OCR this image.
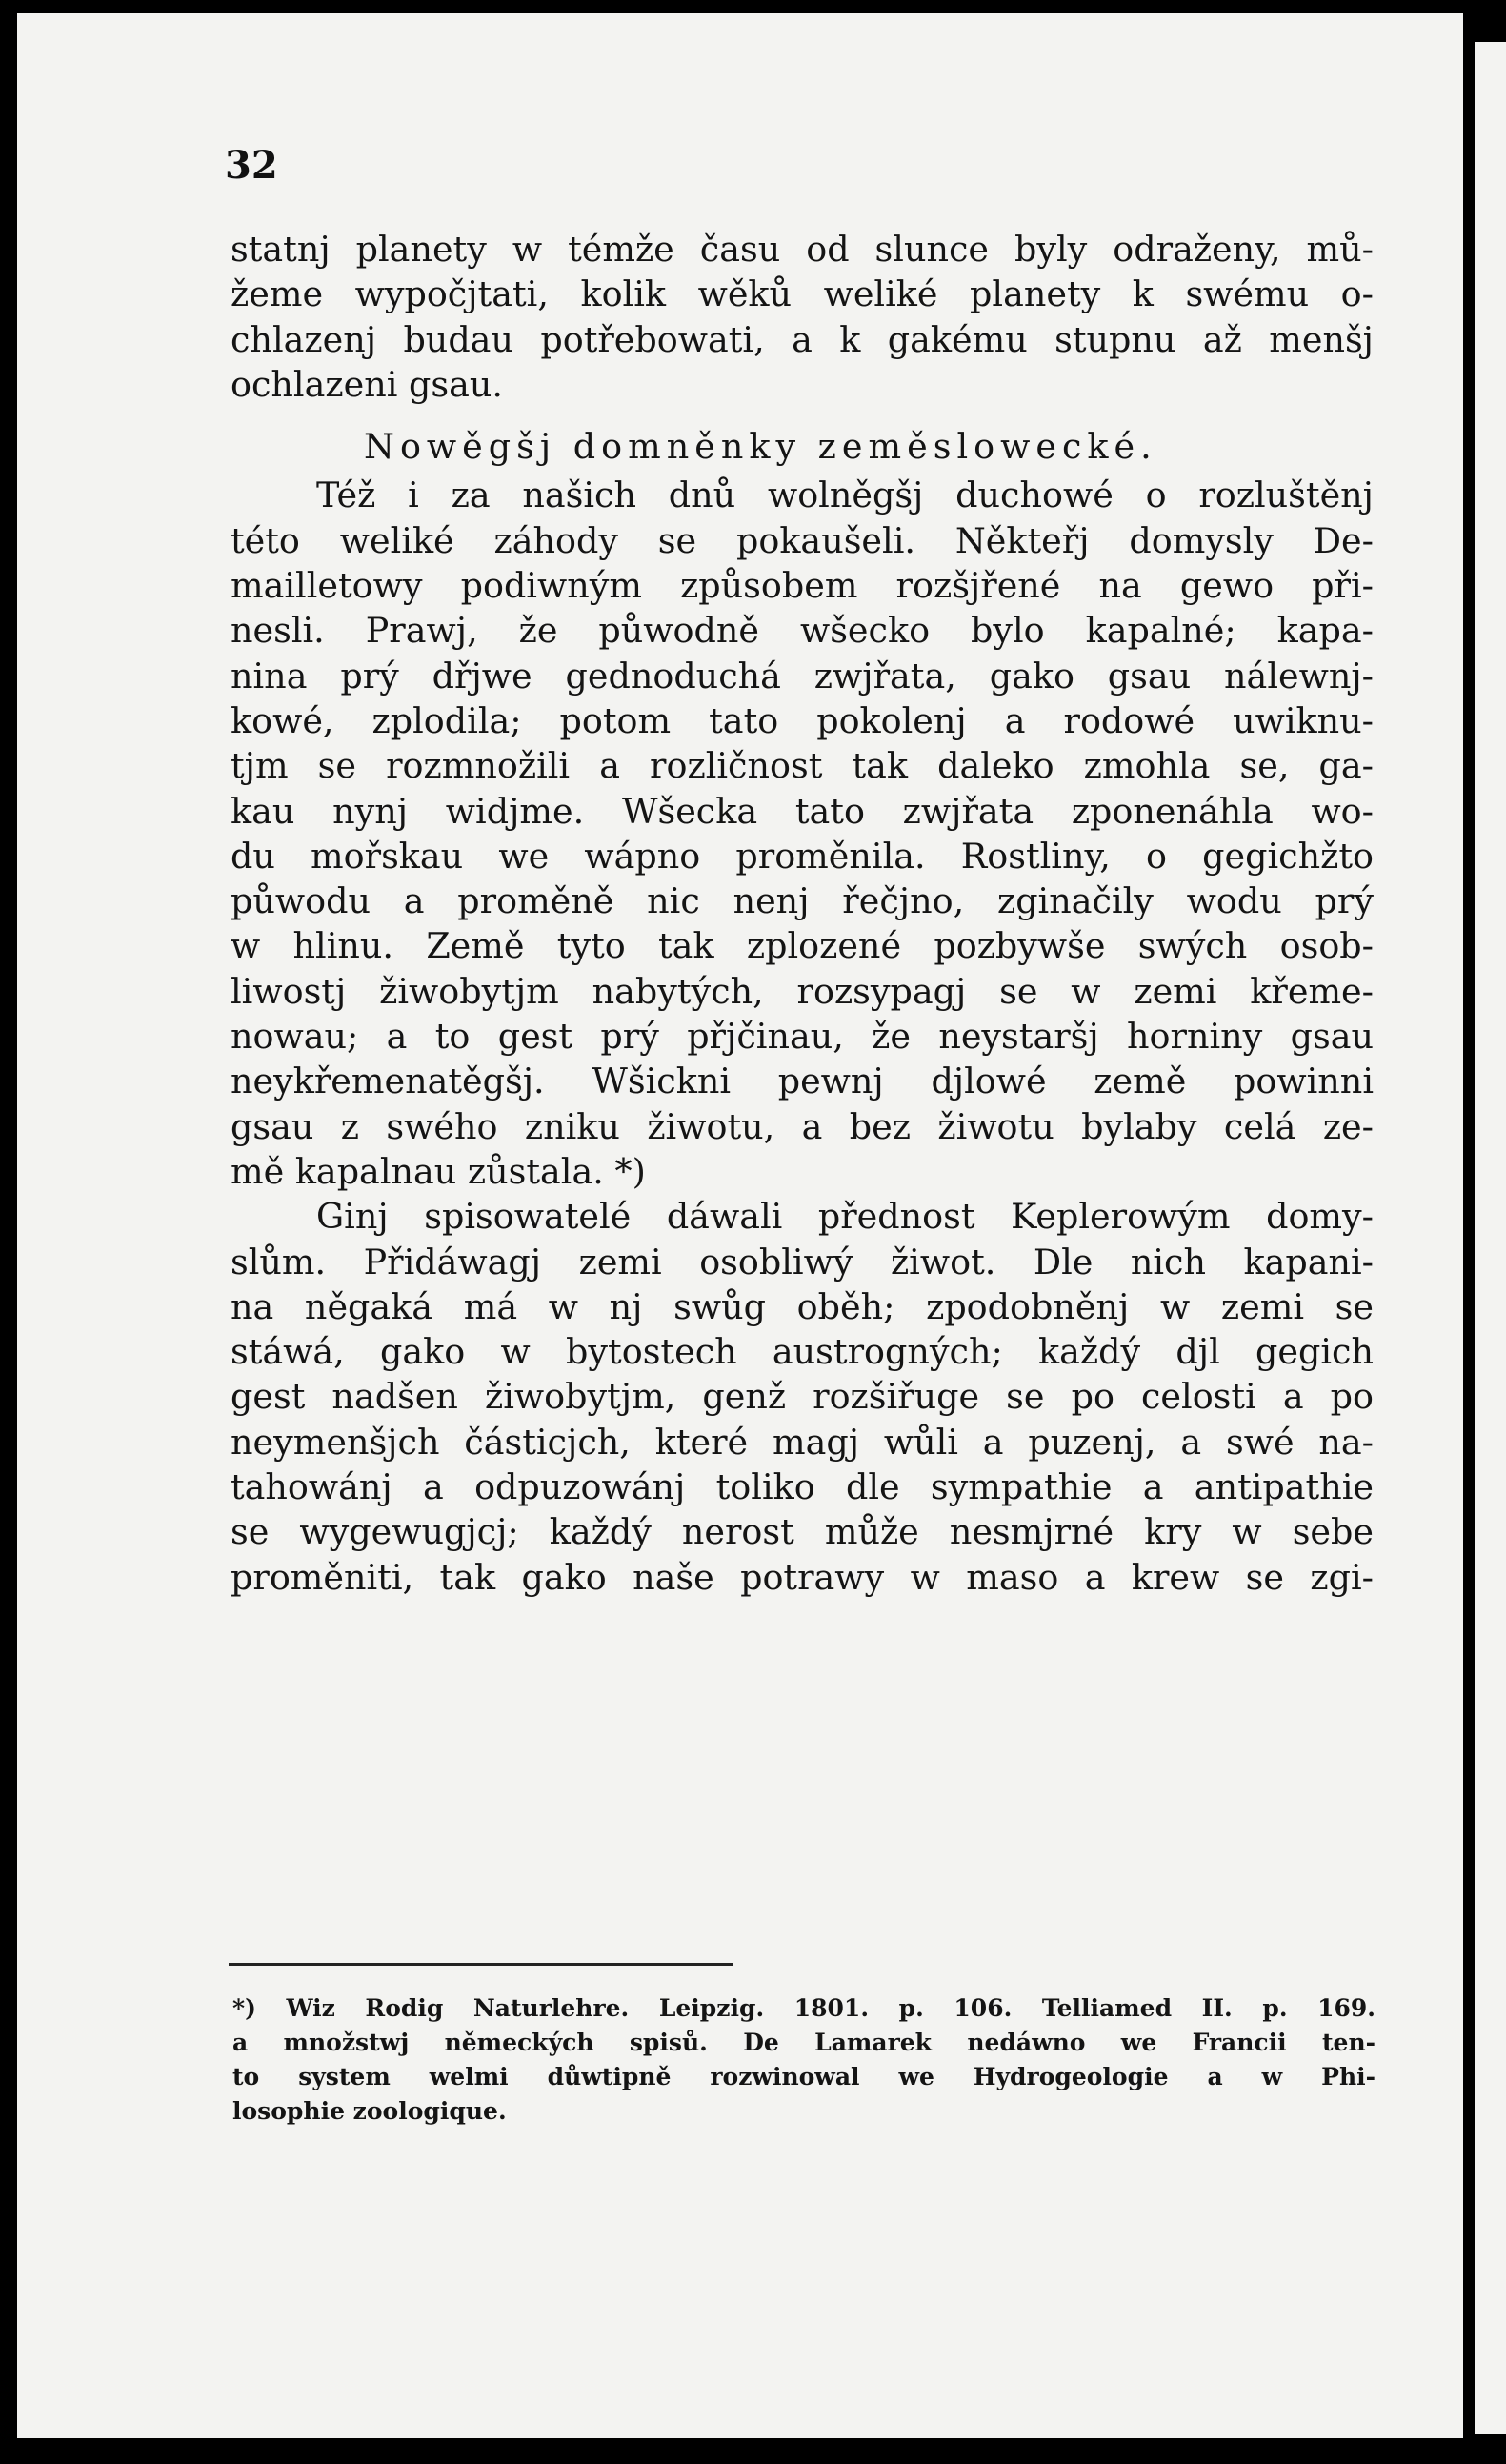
32
statnj planety w témže času od slunce byly odraženy, mů-
žeme wypočjtati, kolik wěků weliké planety k swému o-
chlazenj budau potřebowati, a k gakému stupnu až menšj
ochlazeni gsau.
Nowěgšj domněnky zeměslowecké.
Též i za našich dnů wolněgšj duchowé o rozluštěnj
této weliké záhody se pokaušeli. Někteřj domysly De-
mailletowy podiwným způsobem rozšjřené na gewo při-
nesli. Prawj, že půwodně wšecko bylo kapalné; kapa-
nina prý dřjwe gednoduchá zwjřata, gako gsau nálewnj-
kowé, zplodila; potom tato pokolenj a rodowé uwiknu-
tjm se rozmnožili a rozličnost tak daleko zmohla se, ga-
kau nynj widjme. Wšecka tato zwjřata zponenáhla wo-
du mořskau we wápno proměnila. Rostliny, o gegichžto
půwodu a proměně nic nenj řečjno, zginačily wodu prý
w hlinu. Země tyto tak zplozené pozbywše swých osob-
liwostj žiwobytjm nabytých, rozsypagj se w zemi křeme-
nowau; a to gest prý přjčinau, že neystaršj horniny gsau
neykřemenatěgšj. Wšickni pewnj djlowé země powinni
gsau z swého zniku žiwotu, a bez žiwotu bylaby celá ze-
mě kapalnau zůstala. *)
Ginj spisowatelé dáwali přednost Keplerowým domy-
slům. Přidáwagj zemi osobliwý žiwot. Dle nich kapani-
na něgaká má w nj swůg oběh; zpodobněnj w zemi se
stáwá, gako w bytostech austrogných; každý djl gegich
gest nadšen žiwobytjm, genž rozšiřuge se po celosti a po
neymenšjch částicjch, které magj wůli a puzenj, a swé na-
tahowánj a odpuzowánj toliko dle sympathie a antipathie
se wygewugjcj; každý nerost může nesmjrné kry w sebe
proměniti, tak gako naše potrawy w maso a krew se zgi-
*) Wiz Rodig Naturlehre. Leipzig. 1801. p. 106. Telliamed II. p. 169.
a množstwj německých spisů. De Lamarek nedáwno we Francii ten-
to system welmi důwtipně rozwinowal we Hydrogeologie a w Phi-
losophie zoologique.
